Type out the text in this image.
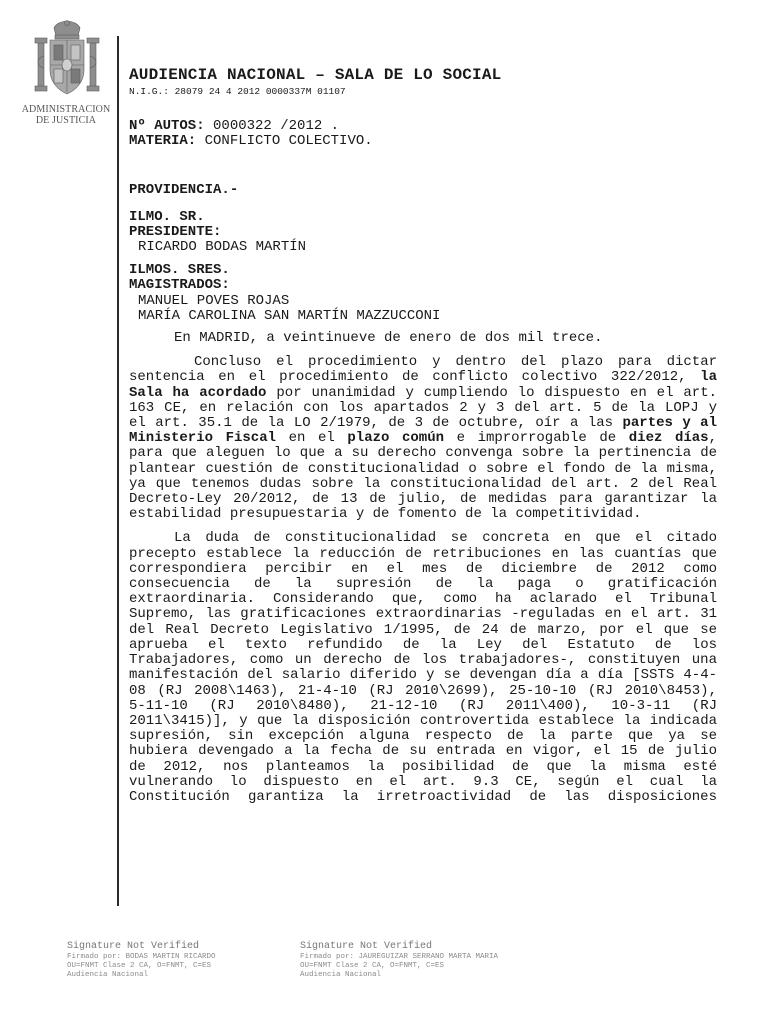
ADMINISTRACION
DE JUSTICIA
AUDIENCIA NACIONAL – SALA DE LO SOCIAL
N.I.G.: 28079 24 4 2012 0000337M 01107
Nº AUTOS: 0000322 /2012 .
MATERIA: CONFLICTO COLECTIVO.
PROVIDENCIA.-
ILMO. SR.
PRESIDENTE:
RICARDO BODAS MARTÍN
ILMOS. SRES.
MAGISTRADOS:
MANUEL POVES ROJAS
MARÍA CAROLINA SAN MARTÍN MAZZUCCONI
En MADRID, a veintinueve de enero de dos mil trece.

Concluso el procedimiento y dentro del plazo para dictar sentencia en el procedimiento de conflicto colectivo 322/2012, la Sala ha acordado por unanimidad y cumpliendo lo dispuesto en el art. 163 CE, en relación con los apartados 2 y 3 del art. 5 de la LOPJ y el art. 35.1 de la LO 2/1979, de 3 de octubre, oír a las partes y al Ministerio Fiscal en el plazo común e improrrogable de diez días, para que aleguen lo que a su derecho convenga sobre la pertinencia de plantear cuestión de constitucionalidad o sobre el fondo de la misma, ya que tenemos dudas sobre la constitucionalidad del art. 2 del Real Decreto-Ley 20/2012, de 13 de julio, de medidas para garantizar la estabilidad presupuestaria y de fomento de la competitividad.

La duda de constitucionalidad se concreta en que el citado precepto establece la reducción de retribuciones en las cuantías que correspondiera percibir en el mes de diciembre de 2012 como consecuencia de la supresión de la paga o gratificación extraordinaria. Considerando que, como ha aclarado el Tribunal Supremo, las gratificaciones extraordinarias -reguladas en el art. 31 del Real Decreto Legislativo 1/1995, de 24 de marzo, por el que se aprueba el texto refundido de la Ley del Estatuto de los Trabajadores, como un derecho de los trabajadores-, constituyen una manifestación del salario diferido y se devengan día a día [SSTS 4-4-08 (RJ 2008\1463), 21-4-10 (RJ 2010\2699), 25-10-10 (RJ 2010\8453), 5-11-10 (RJ 2010\8480), 21-12-10 (RJ 2011\400), 10-3-11 (RJ 2011\3415)], y que la disposición controvertida establece la indicada supresión, sin excepción alguna respecto de la parte que ya se hubiera devengado a la fecha de su entrada en vigor, el 15 de julio de 2012, nos planteamos la posibilidad de que la misma esté vulnerando lo dispuesto en el art. 9.3 CE, según el cual la Constitución garantiza la irretroactividad de las disposiciones

Signature Not Verified
Firmado por: BODAS MARTIN RICARDO
OU=FNMT Clase 2 CA, O=FNMT, C=ES
Audiencia Nacional
Signature Not Verified
Firmado por: JAUREGUIZAR SERRANO MARTA MARIA
OU=FNMT Clase 2 CA, O=FNMT, C=ES
Audiencia Nacional
